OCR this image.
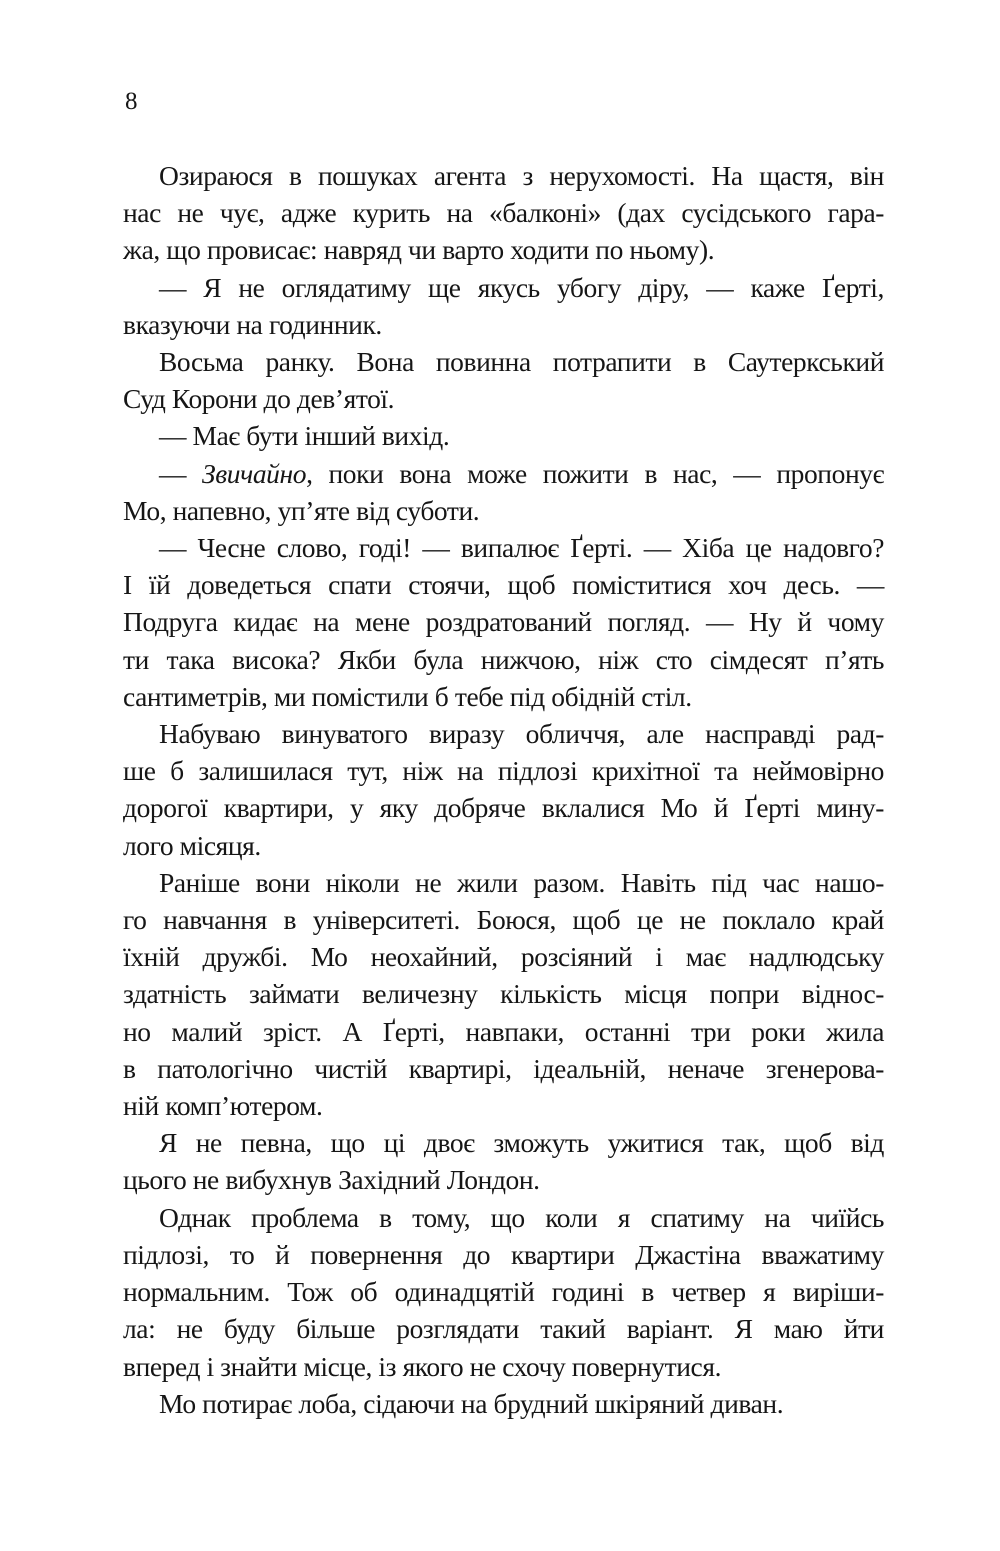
8

Озираюся в пошуках агента з нерухомості. На щастя, він
нас не чує, адже курить на «балконі» (дах сусідського гара-
жа, що провисає: навряд чи варто ходити по ньому).

— Я не оглядатиму ще якусь убогу діру, — каже Ґерті,
вказуючи на годинник.

Восьма ранку. Вона повинна потрапити в Саутеркський
Суд Корони до дев’ятої.

— Має бути інший вихід.

— Звичайно, поки вона може пожити в нас, — пропонує
Мо, напевно, уп’яте від суботи.

— Чесне слово, годі! — випалює Ґерті. — Хіба це надовго?
І їй доведеться спати стоячи, щоб поміститися хоч десь. —
Подруга кидає на мене роздратований погляд. — Ну й чому
ти така висока? Якби була нижчою, ніж сто сімдесят п’ять
сантиметрів, ми помістили б тебе під обідній стіл.

Набуваю винуватого виразу обличчя, але насправді рад-
ше б залишилася тут, ніж на підлозі крихітної та неймовірно
дорогої квартири, у яку добряче вклалися Мо й Ґерті мину-
лого місяця.

Раніше вони ніколи не жили разом. Навіть під час нашо-
го навчання в університеті. Боюся, щоб це не поклало край
їхній дружбі. Мо неохайний, розсіяний і має надлюдську
здатність займати величезну кількість місця попри віднос-
но малий зріст. А Ґерті, навпаки, останні три роки жила
в патологічно чистій квартирі, ідеальній, неначе згенерова-
ній комп’ютером.

Я не певна, що ці двоє зможуть ужитися так, щоб від
цього не вибухнув Західний Лондон.

Однак проблема в тому, що коли я спатиму на чиїйсь
підлозі, то й повернення до квартири Джастіна вважатиму
нормальним. Тож об одинадцятій годині в четвер я виріши-
ла: не буду більше розглядати такий варіант. Я маю йти
вперед і знайти місце, із якого не схочу повернутися.

Мо потирає лоба, сідаючи на брудний шкіряний диван.
